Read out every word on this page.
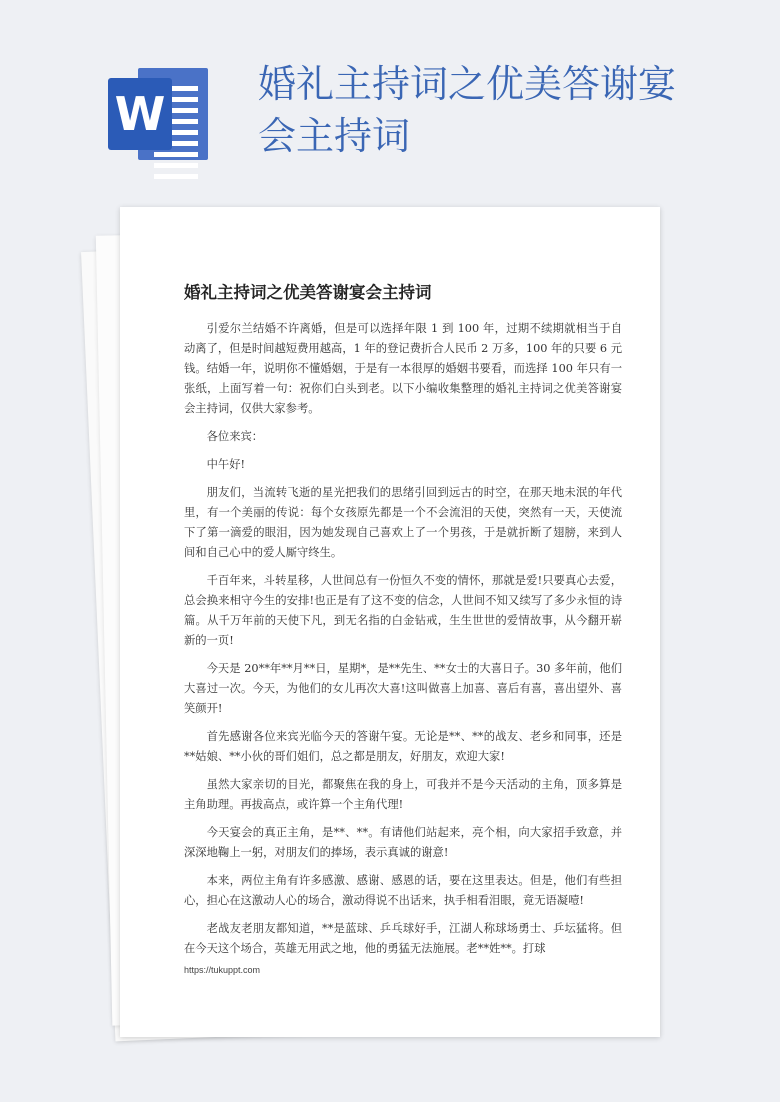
W
婚礼主持词之优美答谢宴会主持词
婚礼主持词之优美答谢宴会主持词

引爱尔兰结婚不许离婚，但是可以选择年限 1 到 100 年，过期不续期就相当于自动离了，但是时间越短费用越高，1 年的登记费折合人民币 2 万多，100 年的只要 6 元钱。结婚一年，说明你不懂婚姻，于是有一本很厚的婚姻书要看，而选择 100 年只有一张纸，上面写着一句：祝你们白头到老。以下小编收集整理的婚礼主持词之优美答谢宴会主持词，仅供大家参考。

各位来宾：

中午好!

朋友们，当流转飞逝的星光把我们的思绪引回到远古的时空，在那天地未泯的年代里，有一个美丽的传说：每个女孩原先都是一个不会流泪的天使，突然有一天，天使流下了第一滴爱的眼泪，因为她发现自己喜欢上了一个男孩，于是就折断了翅膀，来到人间和自己心中的爱人厮守终生。

千百年来，斗转星移，人世间总有一份恒久不变的情怀，那就是爱!只要真心去爱，总会换来相守今生的安排!也正是有了这不变的信念，人世间不知又续写了多少永恒的诗篇。从千万年前的天使下凡，到无名指的白金钻戒，生生世世的爱情故事，从今翻开崭新的一页!

今天是 20**年**月**日，星期*，是**先生、**女士的大喜日子。30 多年前，他们大喜过一次。今天，为他们的女儿再次大喜!这叫做喜上加喜、喜后有喜，喜出望外、喜笑颜开!

首先感谢各位来宾光临今天的答谢午宴。无论是**、**的战友、老乡和同事，还是**姑娘、**小伙的哥们姐们，总之都是朋友，好朋友，欢迎大家!

虽然大家亲切的目光，都聚焦在我的身上，可我并不是今天活动的主角，顶多算是主角助理。再拔高点，或许算一个主角代理!

今天宴会的真正主角，是**、**。有请他们站起来，亮个相，向大家招手致意，并深深地鞠上一躬，对朋友们的捧场，表示真诚的谢意!

本来，两位主角有许多感激、感谢、感恩的话，要在这里表达。但是，他们有些担心，担心在这激动人心的场合，激动得说不出话来，执手相看泪眼，竟无语凝噎!

老战友老朋友都知道，**是蓝球、乒乓球好手，江湖人称球场勇士、乒坛猛将。但在今天这个场合，英雄无用武之地，他的勇猛无法施展。老**姓**。打球

https://tukuppt.com
